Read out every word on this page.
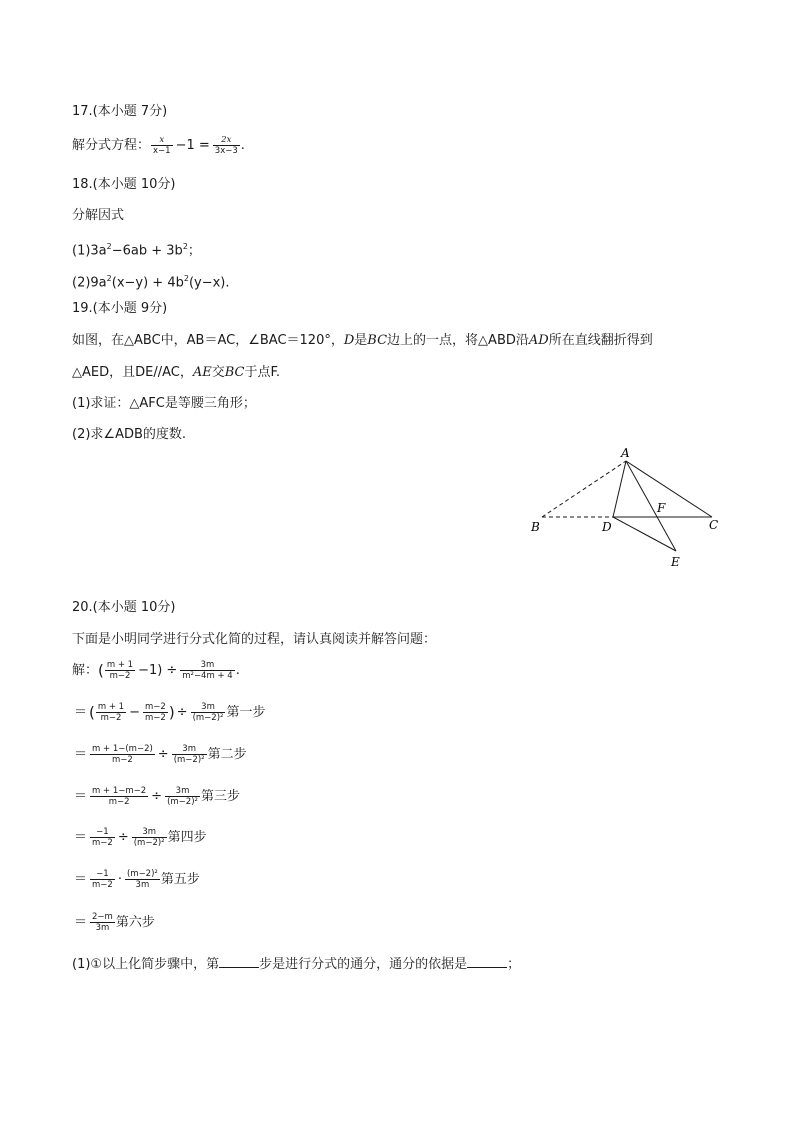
17.(本小题 7分)
解分式方程： $\frac{x}{x-1} -1 = \frac{2x}{3x-3}$ .
18.(本小题 10分)
分解因式
$(1)3a^2-6ab + 3b^2$；
$(2)9a^2(x-y) + 4b^2(y-x)$.
19.(本小题 9分)
如图，在△ABC中，AB＝AC，∠BAC＝120°，D是BC边上的一点，将△ABD沿AD所在直线翻折得到
△AED，且DE//AC，AE交BC于点F.
(1)求证：△AFC是等腰三角形；
(2)求∠ADB的度数.
A
B	D
F
C
E
20.(本小题 10分)
下面是小明同学进行分式化简的过程，请认真阅读并解答问题：
解：( $\frac{m + 1}{m-2} -1) \div \frac{3m}{\text{m²−4m + 4}}$ .
＝ ( $\frac{m + 1}{m-2} - \frac{m-2}{m-2}$ ) ÷ $\frac{3m}{\text{(m−2)²}}$ 第一步
＝ $\frac{m + 1-(m-2)}{m-2} \div \frac{3m}{\text{(m−2)²}}$ 第二步
＝ $\frac{m + 1-m-2}{m-2} \div \frac{3m}{\text{(m−2)²}}$ 第三步
＝ $\frac{-1}{m-2} \div \frac{3m}{\text{(m−2)²}}$ 第四步
＝ $\frac{-1}{m-2} \cdot \frac{\text{(m−2)²}}{3m}$ 第五步
＝ $\frac{2-m}{3m}$ 第六步
(1)①以上化简步骤中，第	步是进行分式的通分，通分的依据是	；
